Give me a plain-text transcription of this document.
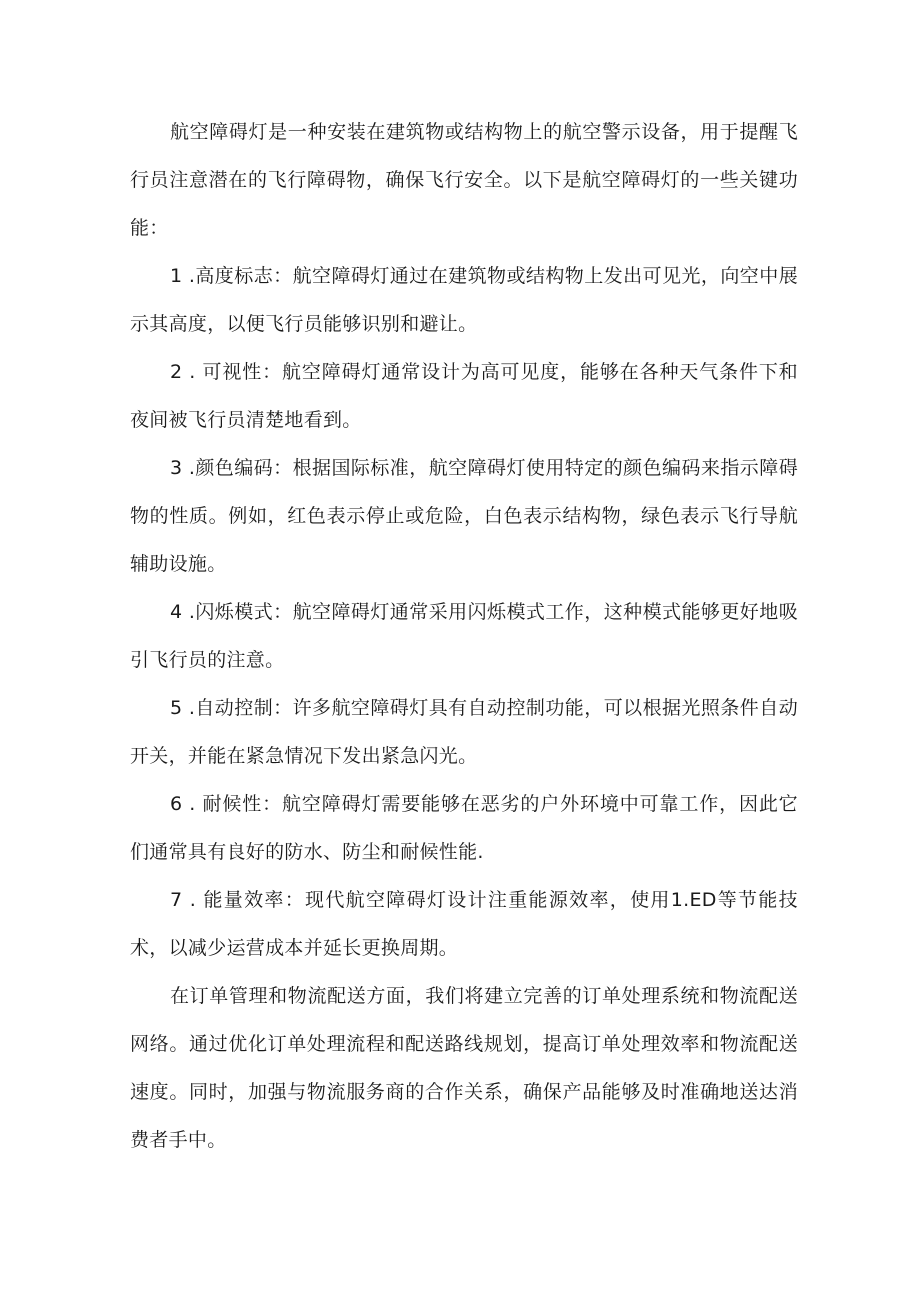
航空障碍灯是一种安装在建筑物或结构物上的航空警示设备，用于提醒飞行员注意潜在的飞行障碍物，确保飞行安全。以下是航空障碍灯的一些关键功能：

1 .高度标志：航空障碍灯通过在建筑物或结构物上发出可见光，向空中展示其高度，以便飞行员能够识别和避让。

2 . 可视性：航空障碍灯通常设计为高可见度，能够在各种天气条件下和夜间被飞行员清楚地看到。

3 .颜色编码：根据国际标准，航空障碍灯使用特定的颜色编码来指示障碍物的性质。例如，红色表示停止或危险，白色表示结构物，绿色表示飞行导航辅助设施。

4 .闪烁模式：航空障碍灯通常采用闪烁模式工作，这种模式能够更好地吸引飞行员的注意。

5 .自动控制：许多航空障碍灯具有自动控制功能，可以根据光照条件自动开关，并能在紧急情况下发出紧急闪光。

6 . 耐候性：航空障碍灯需要能够在恶劣的户外环境中可靠工作，因此它们通常具有良好的防水、防尘和耐候性能.

7 . 能量效率：现代航空障碍灯设计注重能源效率，使用1.ED等节能技术，以减少运营成本并延长更换周期。

在订单管理和物流配送方面，我们将建立完善的订单处理系统和物流配送网络。通过优化订单处理流程和配送路线规划，提高订单处理效率和物流配送速度。同时，加强与物流服务商的合作关系，确保产品能够及时准确地送达消费者手中。
